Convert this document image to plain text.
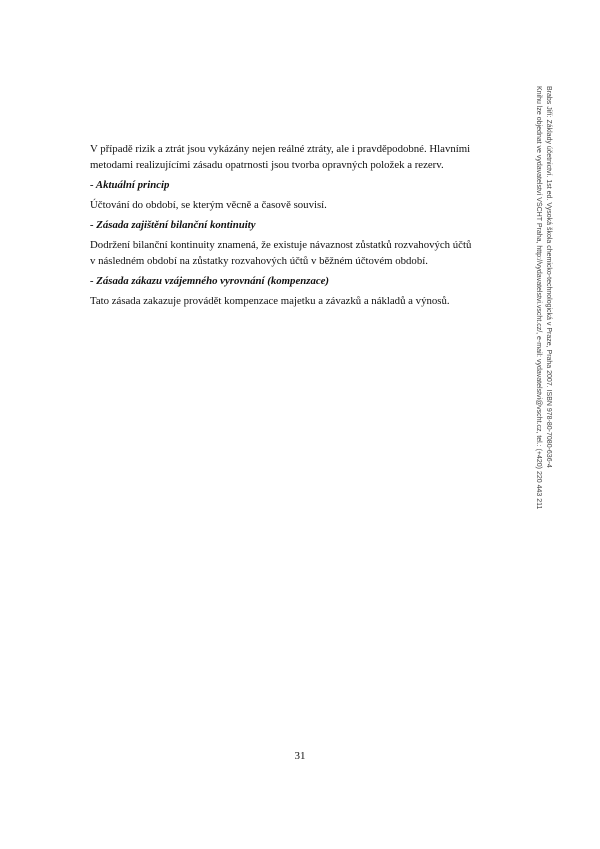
V případě rizik a ztrát jsou vykázány nejen reálné ztráty, ale i pravděpodobné. Hlavními
metodami realizujícími zásadu opatrnosti jsou tvorba opravných položek a rezerv.

- Aktuální princip

Účtování do období, se kterým věcně a časově souvisí.

- Zásada zajištění bilanční kontinuity

Dodržení bilanční kontinuity znamená, že existuje návaznost zůstatků rozvahových účtů
v následném období na zůstatky rozvahových účtů v běžném účtovém období.

- Zásada zákazu vzájemného vyrovnání (kompenzace)

Tato zásada zakazuje provádět kompenzace majetku a závazků a nákladů a výnosů.

31
Brabs Jiří: Základy účetnictví. 1st ed. Vysoká škola chemicko-technologická v Praze, Praha 2007. ISBN 978-80-7080-636-4
Knihu lze objednat ve vydavatelství VŠCHT Praha, http://vydavatelstvi.vscht.cz/, e-mail: vydavatelstvi@vscht.cz, tel.: (+420) 220 443 211
